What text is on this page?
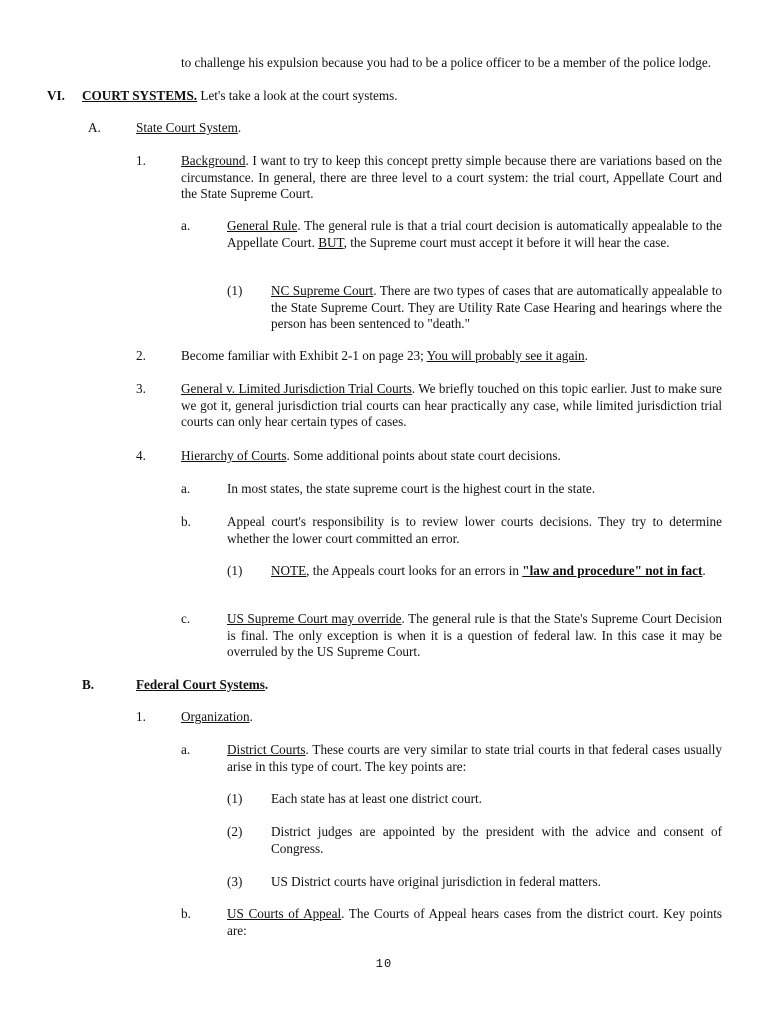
to challenge his expulsion because you had to be a police officer to be a member of the police lodge.
VI. COURT SYSTEMS. Let's take a look at the court systems.
A.	State Court System.
1.	Background. I want to try to keep this concept pretty simple because there are variations based on the circumstance. In general, there are three level to a court system: the trial court, Appellate Court and the State Supreme Court.
a.	General Rule. The general rule is that a trial court decision is automatically appealable to the Appellate Court. BUT, the Supreme court must accept it before it will hear the case.
(1) NC Supreme Court. There are two types of cases that are automatically appealable to the State Supreme Court. They are Utility Rate Case Hearing and hearings where the person has been sentenced to "death."
2.	Become familiar with Exhibit 2-1 on page 23; You will probably see it again.
3.	General v. Limited Jurisdiction Trial Courts. We briefly touched on this topic earlier. Just to make sure we got it, general jurisdiction trial courts can hear practically any case, while limited jurisdiction trial courts can only hear certain types of cases.
4.	Hierarchy of Courts. Some additional points about state court decisions.
a.	In most states, the state supreme court is the highest court in the state.
b.	Appeal court's responsibility is to review lower courts decisions. They try to determine whether the lower court committed an error.
(1) NOTE, the Appeals court looks for an errors in "law and procedure" not in fact.
c.	US Supreme Court may override. The general rule is that the State's Supreme Court Decision is final. The only exception is when it is a question of federal law. In this case it may be overruled by the US Supreme Court.
B.	Federal Court Systems.
1.	Organization.
a.	District Courts. These courts are very similar to state trial courts in that federal cases usually arise in this type of court. The key points are:
(1) Each state has at least one district court.
(2) District judges are appointed by the president with the advice and consent of Congress.
(3) US District courts have original jurisdiction in federal matters.
b.	US Courts of Appeal. The Courts of Appeal hears cases from the district court. Key points are:
10
